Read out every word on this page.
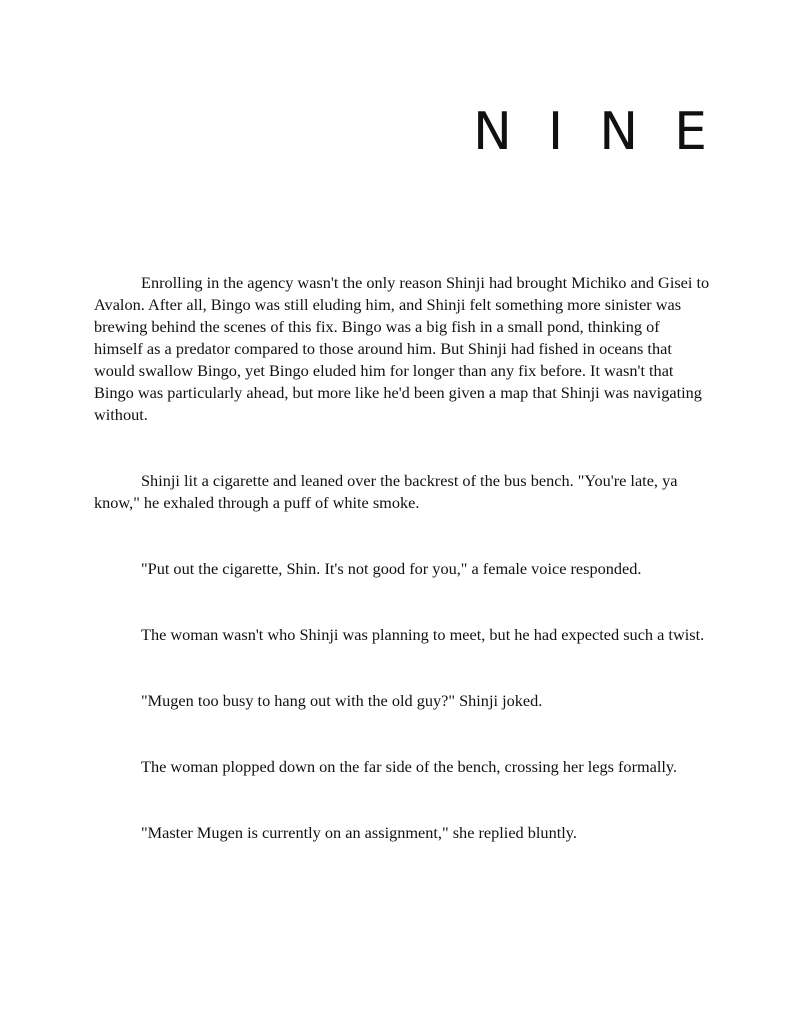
NINE

Enrolling in the agency wasn't the only reason Shinji had brought Michiko and Gisei to Avalon. After all, Bingo was still eluding him, and Shinji felt something more sinister was brewing behind the scenes of this fix. Bingo was a big fish in a small pond, thinking of himself as a predator compared to those around him. But Shinji had fished in oceans that would swallow Bingo, yet Bingo eluded him for longer than any fix before. It wasn't that Bingo was particularly ahead, but more like he'd been given a map that Shinji was navigating without.

Shinji lit a cigarette and leaned over the backrest of the bus bench. "You're late, ya know," he exhaled through a puff of white smoke.

"Put out the cigarette, Shin. It's not good for you," a female voice responded.

The woman wasn't who Shinji was planning to meet, but he had expected such a twist.

"Mugen too busy to hang out with the old guy?" Shinji joked.

The woman plopped down on the far side of the bench, crossing her legs formally.

"Master Mugen is currently on an assignment," she replied bluntly.
